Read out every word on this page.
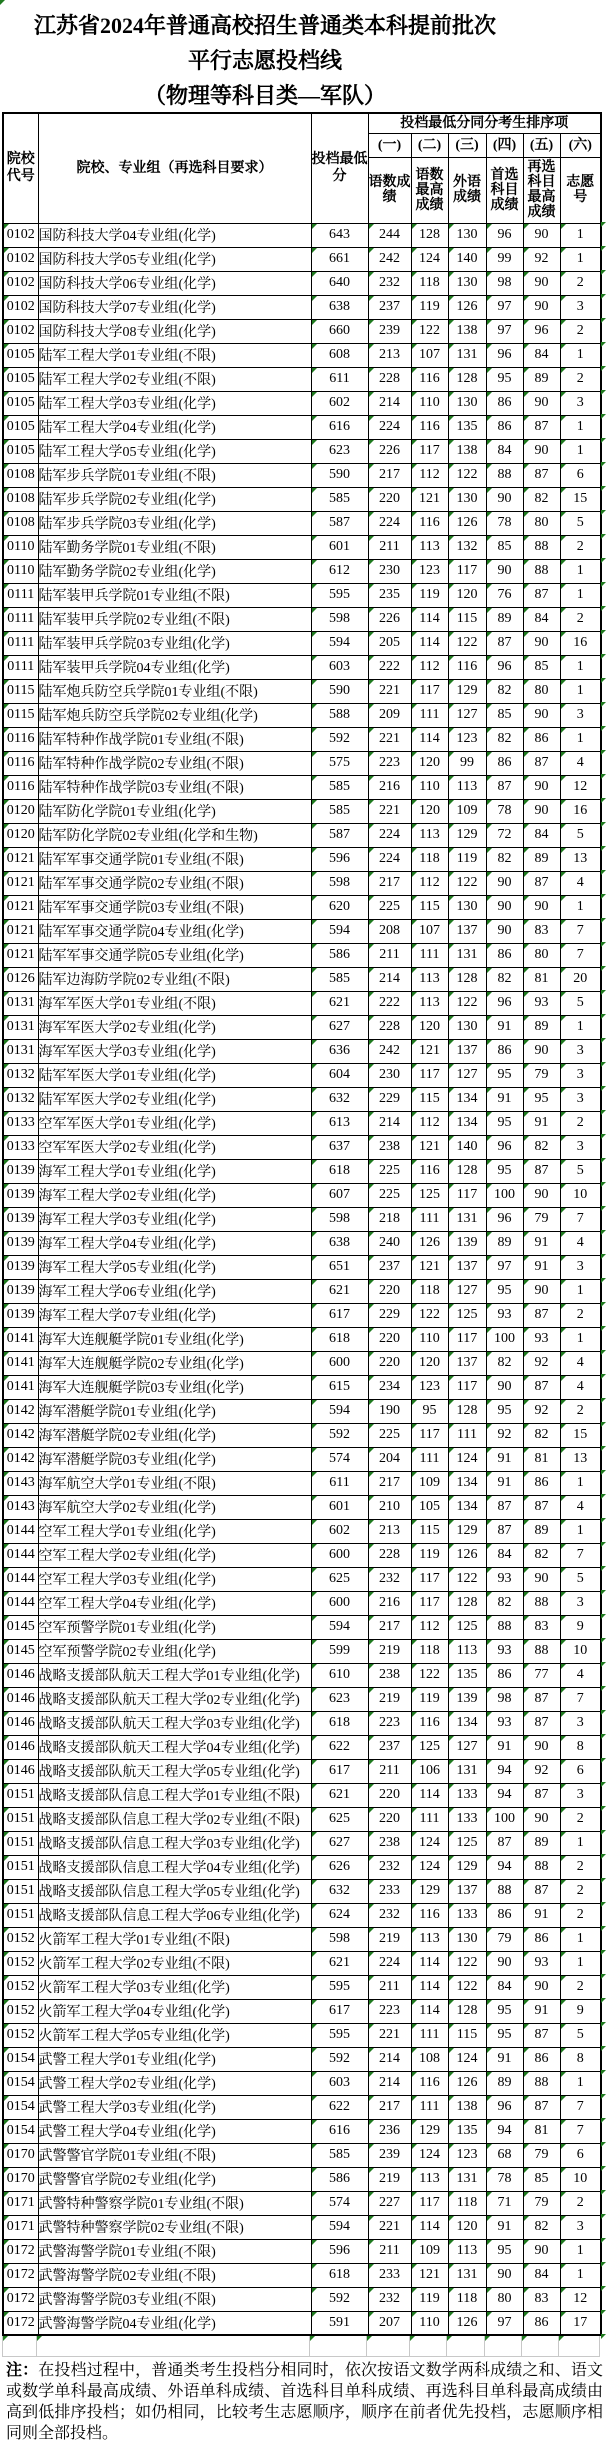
江苏省2024年普通高校招生普通类本科提前批次
平行志愿投档线
（物理等科目类—军队）
院校代号	院校、专业组（再选科目要求）	投档最低分	投档最低分同分考生排序项					
			(一)	(二)	(三)	(四)	(五)	(六)
			语数成绩	语数最高成绩	外语成绩	首选科目成绩	再选科目最高成绩	志愿号
0102	国防科技大学04专业组(化学)	643	244	128	130	96	90	1
0102	国防科技大学05专业组(化学)	661	242	124	140	99	92	1
0102	国防科技大学06专业组(化学)	640	232	118	130	98	90	2
0102	国防科技大学07专业组(化学)	638	237	119	126	97	90	3
0102	国防科技大学08专业组(化学)	660	239	122	138	97	96	2
0105	陆军工程大学01专业组(不限)	608	213	107	131	96	84	1
0105	陆军工程大学02专业组(不限)	611	228	116	128	95	89	2
0105	陆军工程大学03专业组(化学)	602	214	110	130	86	90	3
0105	陆军工程大学04专业组(化学)	616	224	116	135	86	87	1
0105	陆军工程大学05专业组(化学)	623	226	117	138	84	90	1
0108	陆军步兵学院01专业组(不限)	590	217	112	122	88	87	6
0108	陆军步兵学院02专业组(化学)	585	220	121	130	90	82	15
0108	陆军步兵学院03专业组(化学)	587	224	116	126	78	80	5
0110	陆军勤务学院01专业组(不限)	601	211	113	132	85	88	2
0110	陆军勤务学院02专业组(化学)	612	230	123	117	90	88	1
0111	陆军装甲兵学院01专业组(不限)	595	235	119	120	76	87	1
0111	陆军装甲兵学院02专业组(不限)	598	226	114	115	89	84	2
0111	陆军装甲兵学院03专业组(化学)	594	205	114	122	87	90	16
0111	陆军装甲兵学院04专业组(化学)	603	222	112	116	96	85	1
0115	陆军炮兵防空兵学院01专业组(不限)	590	221	117	129	82	80	1
0115	陆军炮兵防空兵学院02专业组(化学)	588	209	111	127	85	90	3
0116	陆军特种作战学院01专业组(不限)	592	221	114	123	82	86	1
0116	陆军特种作战学院02专业组(不限)	575	223	120	99	86	87	4
0116	陆军特种作战学院03专业组(不限)	585	216	110	113	87	90	12
0120	陆军防化学院01专业组(化学)	585	221	120	109	78	90	16
0120	陆军防化学院02专业组(化学和生物)	587	224	113	129	72	84	5
0121	陆军军事交通学院01专业组(不限)	596	224	118	119	82	89	13
0121	陆军军事交通学院02专业组(不限)	598	217	112	122	90	87	4
0121	陆军军事交通学院03专业组(不限)	620	225	115	130	90	90	1
0121	陆军军事交通学院04专业组(化学)	594	208	107	137	90	83	7
0121	陆军军事交通学院05专业组(化学)	586	211	111	131	86	80	7
0126	陆军边海防学院02专业组(不限)	585	214	113	128	82	81	20
0131	海军军医大学01专业组(不限)	621	222	113	122	96	93	5
0131	海军军医大学02专业组(化学)	627	228	120	130	91	89	1
0131	海军军医大学03专业组(化学)	636	242	121	137	86	90	3
0132	陆军军医大学01专业组(化学)	604	230	117	127	95	79	3
0132	陆军军医大学02专业组(化学)	632	229	115	134	91	95	3
0133	空军军医大学01专业组(化学)	613	214	112	134	95	91	2
0133	空军军医大学02专业组(化学)	637	238	121	140	96	82	3
0139	海军工程大学01专业组(化学)	618	225	116	128	95	87	5
0139	海军工程大学02专业组(化学)	607	225	125	117	100	90	10
0139	海军工程大学03专业组(化学)	598	218	111	131	96	79	7
0139	海军工程大学04专业组(化学)	638	240	126	139	89	91	4
0139	海军工程大学05专业组(化学)	651	237	121	137	97	91	3
0139	海军工程大学06专业组(化学)	621	220	118	127	95	90	1
0139	海军工程大学07专业组(化学)	617	229	122	125	93	87	2
0141	海军大连舰艇学院01专业组(化学)	618	220	110	117	100	93	1
0141	海军大连舰艇学院02专业组(化学)	600	220	120	137	82	92	4
0141	海军大连舰艇学院03专业组(化学)	615	234	123	117	90	87	4
0142	海军潜艇学院01专业组(化学)	594	190	95	128	95	92	2
0142	海军潜艇学院02专业组(化学)	592	225	117	111	92	82	15
0142	海军潜艇学院03专业组(化学)	574	204	111	124	91	81	13
0143	海军航空大学01专业组(不限)	611	217	109	134	91	86	1
0143	海军航空大学02专业组(化学)	601	210	105	134	87	87	4
0144	空军工程大学01专业组(化学)	602	213	115	129	87	89	1
0144	空军工程大学02专业组(化学)	600	228	119	126	84	82	7
0144	空军工程大学03专业组(化学)	625	232	117	122	93	90	5
0144	空军工程大学04专业组(化学)	600	216	117	128	82	88	3
0145	空军预警学院01专业组(化学)	594	217	112	125	88	83	9
0145	空军预警学院02专业组(化学)	599	219	118	113	93	88	10
0146	战略支援部队航天工程大学01专业组(化学)	610	238	122	135	86	77	4
0146	战略支援部队航天工程大学02专业组(化学)	623	219	119	139	98	87	7
0146	战略支援部队航天工程大学03专业组(化学)	618	223	116	134	93	87	3
0146	战略支援部队航天工程大学04专业组(化学)	622	237	125	127	91	90	8
0146	战略支援部队航天工程大学05专业组(化学)	617	211	106	131	94	92	6
0151	战略支援部队信息工程大学01专业组(不限)	621	220	114	133	94	87	3
0151	战略支援部队信息工程大学02专业组(不限)	625	220	111	133	100	90	2
0151	战略支援部队信息工程大学03专业组(化学)	627	238	124	125	87	89	1
0151	战略支援部队信息工程大学04专业组(化学)	626	232	124	129	94	88	2
0151	战略支援部队信息工程大学05专业组(化学)	632	233	129	137	88	87	2
0151	战略支援部队信息工程大学06专业组(化学)	624	232	116	133	86	91	2
0152	火箭军工程大学01专业组(不限)	598	219	113	130	79	86	1
0152	火箭军工程大学02专业组(不限)	621	224	114	122	90	93	1
0152	火箭军工程大学03专业组(化学)	595	211	114	122	84	90	2
0152	火箭军工程大学04专业组(化学)	617	223	114	128	95	91	9
0152	火箭军工程大学05专业组(化学)	595	221	111	115	95	87	5
0154	武警工程大学01专业组(化学)	592	214	108	124	91	86	8
0154	武警工程大学02专业组(化学)	603	214	116	126	89	88	1
0154	武警工程大学03专业组(化学)	622	217	111	138	96	87	7
0154	武警工程大学04专业组(化学)	616	236	129	135	94	81	7
0170	武警警官学院01专业组(不限)	585	239	124	123	68	79	6
0170	武警警官学院02专业组(化学)	586	219	113	131	78	85	10
0171	武警特种警察学院01专业组(不限)	574	227	117	118	71	79	2
0171	武警特种警察学院02专业组(不限)	594	221	114	120	91	82	3
0172	武警海警学院01专业组(不限)	596	211	109	113	95	90	1
0172	武警海警学院02专业组(不限)	618	233	121	131	90	84	1
0172	武警海警学院03专业组(不限)	592	232	119	118	80	83	12
0172	武警海警学院04专业组(化学)	591	207	110	126	97	86	17
注：在投档过程中，普通类考生投档分相同时，依次按语文数学两科成绩之和、语文或数学单科最高成绩、外语单科成绩、首选科目单科成绩、再选科目单科最高成绩由高到低排序投档；如仍相同，比较考生志愿顺序，顺序在前者优先投档，志愿顺序相同则全部投档。
